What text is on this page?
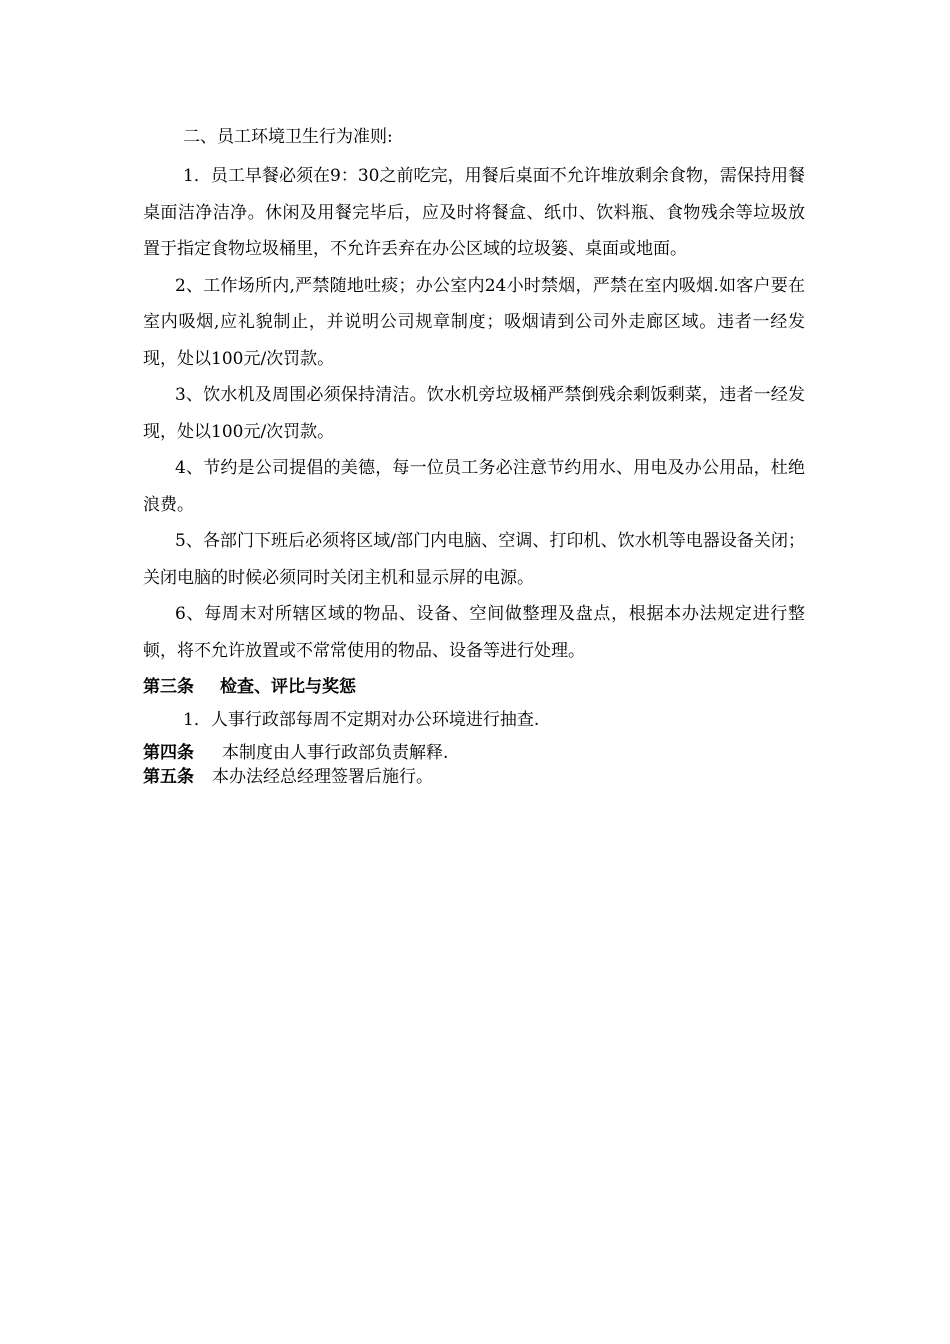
二、员工环境卫生行为准则:

1．员工早餐必须在9：30之前吃完，用餐后桌面不允许堆放剩余食物，需保持用餐桌面洁净洁净。休闲及用餐完毕后，应及时将餐盒、纸巾、饮料瓶、食物残余等垃圾放置于指定食物垃圾桶里，不允许丢弃在办公区域的垃圾篓、桌面或地面。

2、工作场所内,严禁随地吐痰；办公室内24小时禁烟，严禁在室内吸烟.如客户要在室内吸烟,应礼貌制止，并说明公司规章制度；吸烟请到公司外走廊区域。违者一经发现，处以100元/次罚款。

3、饮水机及周围必须保持清洁。饮水机旁垃圾桶严禁倒残余剩饭剩菜，违者一经发现，处以100元/次罚款。

4、节约是公司提倡的美德，每一位员工务必注意节约用水、用电及办公用品，杜绝浪费。

5、各部门下班后必须将区域/部门内电脑、空调、打印机、饮水机等电器设备关闭；关闭电脑的时候必须同时关闭主机和显示屏的电源。

6、每周末对所辖区域的物品、设备、空间做整理及盘点，根据本办法规定进行整顿，将不允许放置或不常常使用的物品、设备等进行处理。

第三条 检查、评比与奖惩

1．人事行政部每周不定期对办公环境进行抽查.

第四条 本制度由人事行政部负责解释.

第五条 本办法经总经理签署后施行。
